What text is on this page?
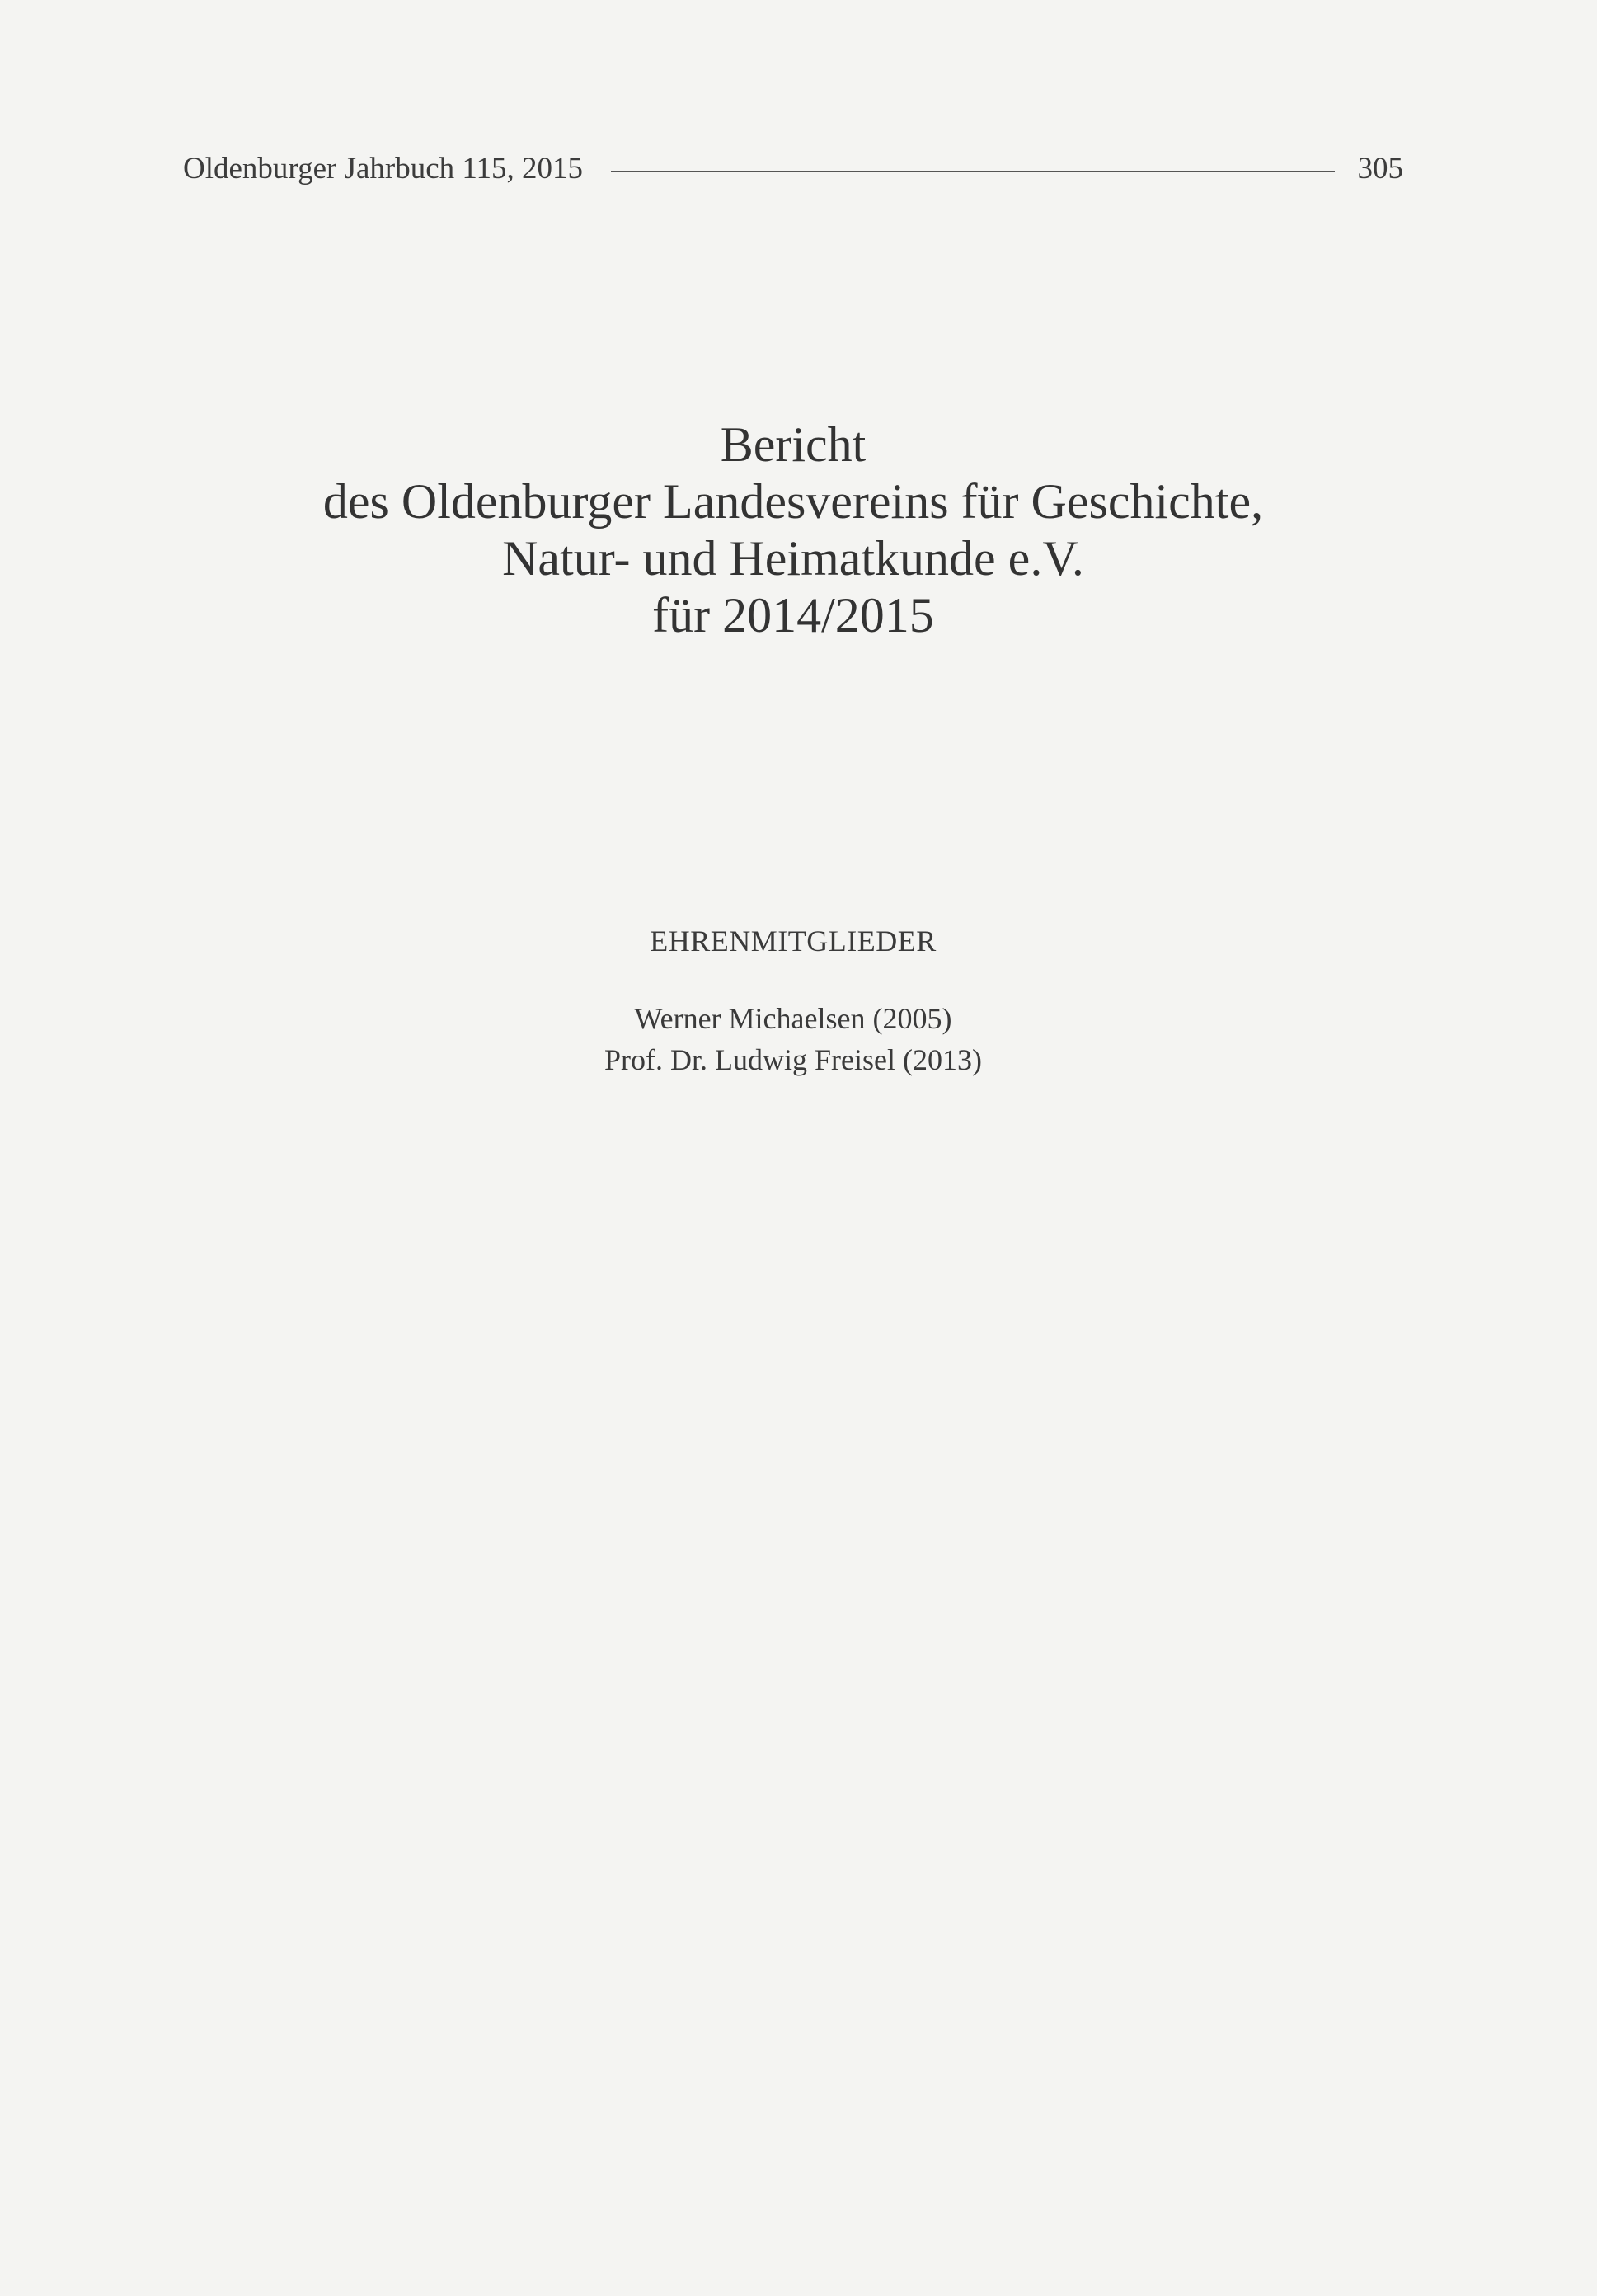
Oldenburger Jahrbuch 115, 2015	305
Bericht
des Oldenburger Landesvereins für Geschichte,
Natur- und Heimatkunde e.V.
für 2014/2015
EHRENMITGLIEDER
Werner Michaelsen (2005)
Prof. Dr. Ludwig Freisel (2013)
